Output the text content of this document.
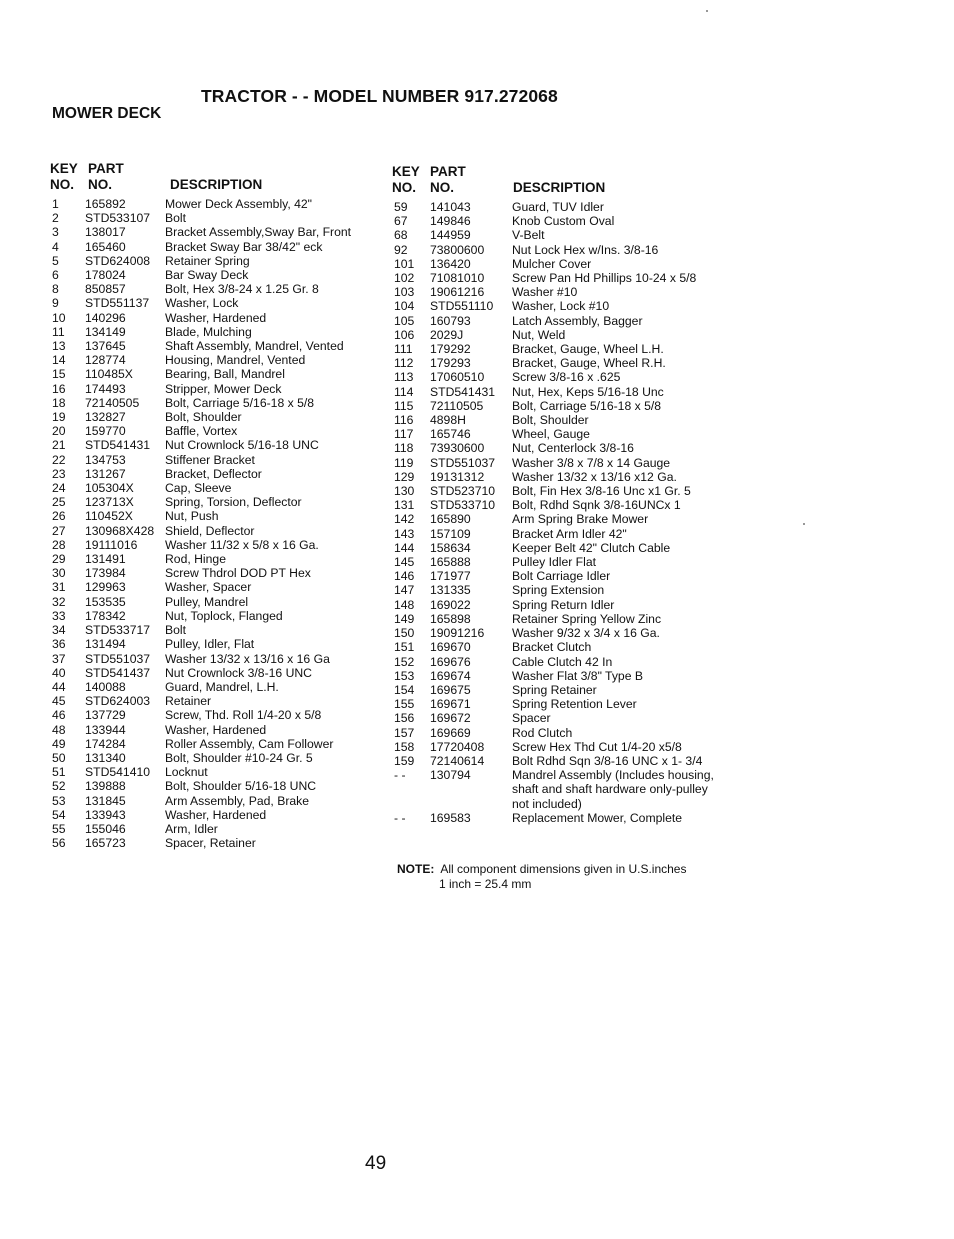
TRACTOR - - MODEL NUMBER 917.272068
MOWER DECK
KEY
NO.
PART
NO.	DESCRIPTION
1	165892	Mower Deck Assembly, 42"
2	STD533107	Bolt
3	138017	Bracket Assembly,Sway Bar, Front
4	165460	Bracket Sway Bar 38/42" eck
5	STD624008	Retainer Spring
6	178024	Bar Sway Deck
8	850857	Bolt, Hex 3/8-24 x 1.25 Gr. 8
9	STD551137	Washer, Lock
10	140296	Washer, Hardened
11	134149	Blade, Mulching
13	137645	Shaft Assembly, Mandrel, Vented
14	128774	Housing, Mandrel, Vented
15	110485X	Bearing, Ball, Mandrel
16	174493	Stripper, Mower Deck
18	72140505	Bolt, Carriage 5/16-18 x 5/8
19	132827	Bolt, Shoulder
20	159770	Baffle, Vortex
21	STD541431	Nut Crownlock 5/16-18 UNC
22	134753	Stiffener Bracket
23	131267	Bracket, Deflector
24	105304X	Cap, Sleeve
25	123713X	Spring, Torsion, Deflector
26	110452X	Nut, Push
27	130968X428 Shield, Deflector
28	19111016	Washer 11/32 x 5/8 x 16 Ga.
29	131491	Rod, Hinge
30	173984	Screw Thdrol DOD PT Hex
31	129963	Washer, Spacer
32	153535	Pulley, Mandrel
33	178342	Nut, Toplock, Flanged
34	STD533717	Bolt
36	131494	Pulley, Idler, Flat
37	STD551037	Washer 13/32 x 13/16 x 16 Ga
40	STD541437	Nut Crownlock 3/8-16 UNC
44	140088	Guard, Mandrel, L.H.
45	STD624003	Retainer
46	137729	Screw, Thd. Roll 1/4-20 x 5/8
48	133944	Washer, Hardened
49	174284	Roller Assembly, Cam Follower
50	131340	Bolt, Shoulder #10-24 Gr. 5
51	STD541410	Locknut
52	139888	Bolt, Shoulder 5/16-18 UNC
53	131845	Arm Assembly, Pad, Brake
54	133943	Washer, Hardened
55	155046	Arm, Idler
56	165723	Spacer, Retainer
KEY
NO.
PART
NO.	DESCRIPTION
59	141043	Guard, TUV Idler
67	149846	Knob Custom Oval
68	144959	V-Belt
92	73800600	Nut Lock Hex w/Ins. 3/8-16
101	136420	Mulcher Cover
102	71081010	Screw Pan Hd Phillips 10-24 x 5/8
103	19061216	Washer #10
104	STD551110	Washer, Lock #10
105	160793	Latch Assembly, Bagger
106	2029J	Nut, Weld
111	179292	Bracket, Gauge, Wheel L.H.
112	179293	Bracket, Gauge, Wheel R.H.
113	17060510	Screw 3/8-16 x .625
114	STD541431	Nut, Hex, Keps 5/16-18 Unc
115	72110505	Bolt, Carriage 5/16-18 x 5/8
116	4898H	Bolt, Shoulder
117	165746	Wheel, Gauge
118	73930600	Nut, Centerlock 3/8-16
119	STD551037	Washer 3/8 x 7/8 x 14 Gauge
129	19131312	Washer 13/32 x 13/16 x12 Ga.
130	STD523710	Bolt, Fin Hex 3/8-16 Unc x1 Gr. 5
131	STD533710	Bolt, Rdhd Sqnk 3/8-16UNCx 1
142	165890	Arm Spring Brake Mower
143	157109	Bracket Arm Idler 42"
144	158634	Keeper Belt 42" Clutch Cable
145	165888	Pulley Idler Flat
146	171977	Bolt Carriage Idler
147	131335	Spring Extension
148	169022	Spring Return Idler
149	165898	Retainer Spring Yellow Zinc
150	19091216	Washer 9/32 x 3/4 x 16 Ga.
151	169670	Bracket Clutch
152	169676	Cable Clutch 42 In
153	169674	Washer Flat 3/8" Type B
154	169675	Spring Retainer
155	169671	Spring Retention Lever
156	169672	Spacer
157	169669	Rod Clutch
158	17720408	Screw Hex Thd Cut 1/4-20 x5/8
159	72140614	Bolt Rdhd Sqn 3/8-16 UNC x 1- 3/4
- -	130794	Mandrel Assembly (Includes housing, shaft and shaft hardware only-pulley not included)
- -	169583	Replacement Mower, Complete
NOTE: All component dimensions given in U.S.inches
1 inch = 25.4 mm
49
